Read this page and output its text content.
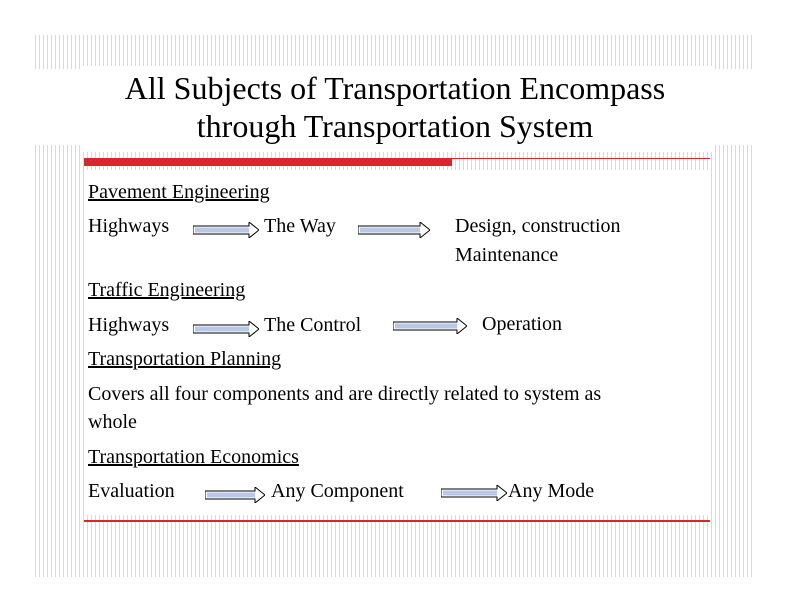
All Subjects of Transportation Encompass
through Transportation System
Pavement Engineering
Highways	The Way	Design, construction
Maintenance
Traffic Engineering
Highways	The Control	Operation
Transportation Planning
Covers all four components and are directly related to system as
whole
Transportation Economics
Evaluation	Any Component	Any Mode
